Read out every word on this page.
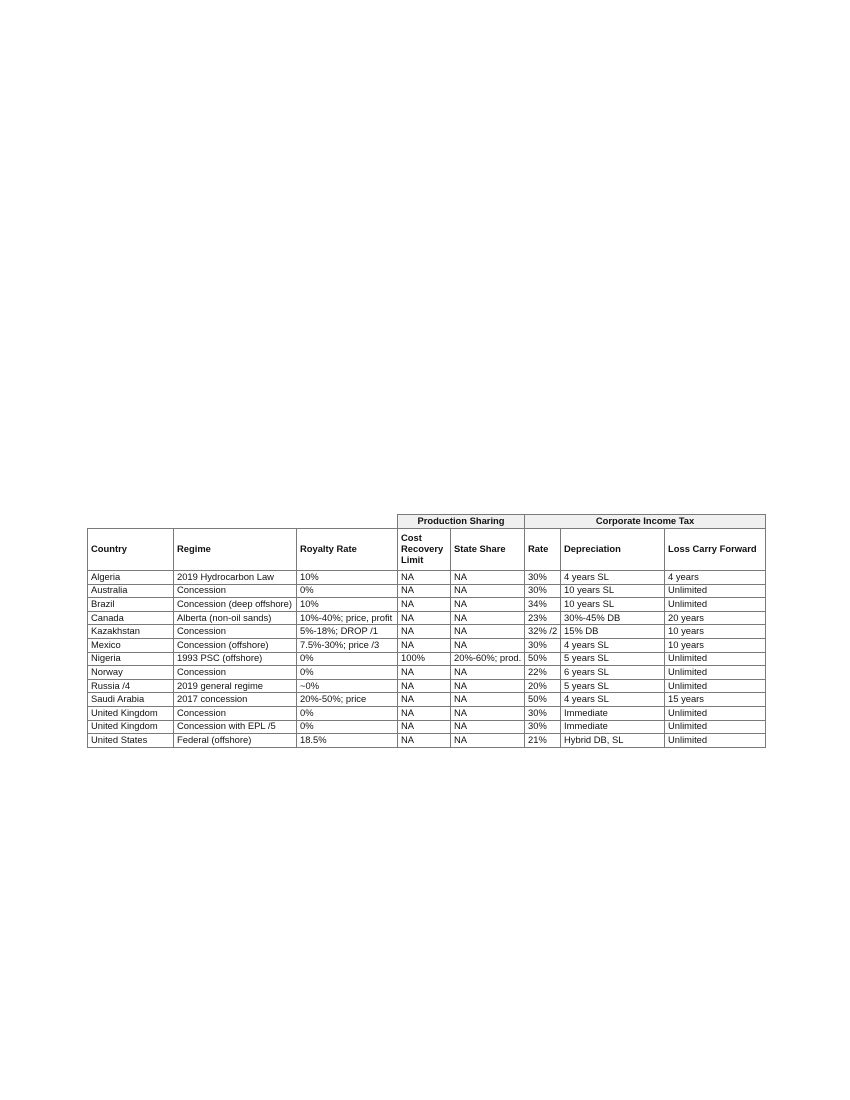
			Production Sharing		Corporate Income Tax		
Country	Regime	Royalty Rate	Cost
Recovery
Limit	State Share	Rate	Depreciation	Loss Carry Forward
Algeria	2019 Hydrocarbon Law	10%	NA	NA	30%	4 years SL	4 years
Australia	Concession	0%	NA	NA	30%	10 years SL	Unlimited
Brazil	Concession (deep offshore)	10%	NA	NA	34%	10 years SL	Unlimited
Canada	Alberta (non-oil sands)	10%-40%; price, profit	NA	NA	23%	30%-45% DB	20 years
Kazakhstan	Concession	5%-18%; DROP /1	NA	NA	32% /2	15% DB	10 years
Mexico	Concession (offshore)	7.5%-30%; price /3	NA	NA	30%	4 years SL	10 years
Nigeria	1993 PSC (offshore)	0%	100%	20%-60%; prod.	50%	5 years SL	Unlimited
Norway	Concession	0%	NA	NA	22%	6 years SL	Unlimited
Russia /4	2019 general regime	~0%	NA	NA	20%	5 years SL	Unlimited
Saudi Arabia	2017 concession	20%-50%; price	NA	NA	50%	4 years SL	15 years
United Kingdom	Concession	0%	NA	NA	30%	Immediate	Unlimited
United Kingdom	Concession with EPL /5	0%	NA	NA	30%	Immediate	Unlimited
United States	Federal (offshore)	18.5%	NA	NA	21%	Hybrid DB, SL	Unlimited
